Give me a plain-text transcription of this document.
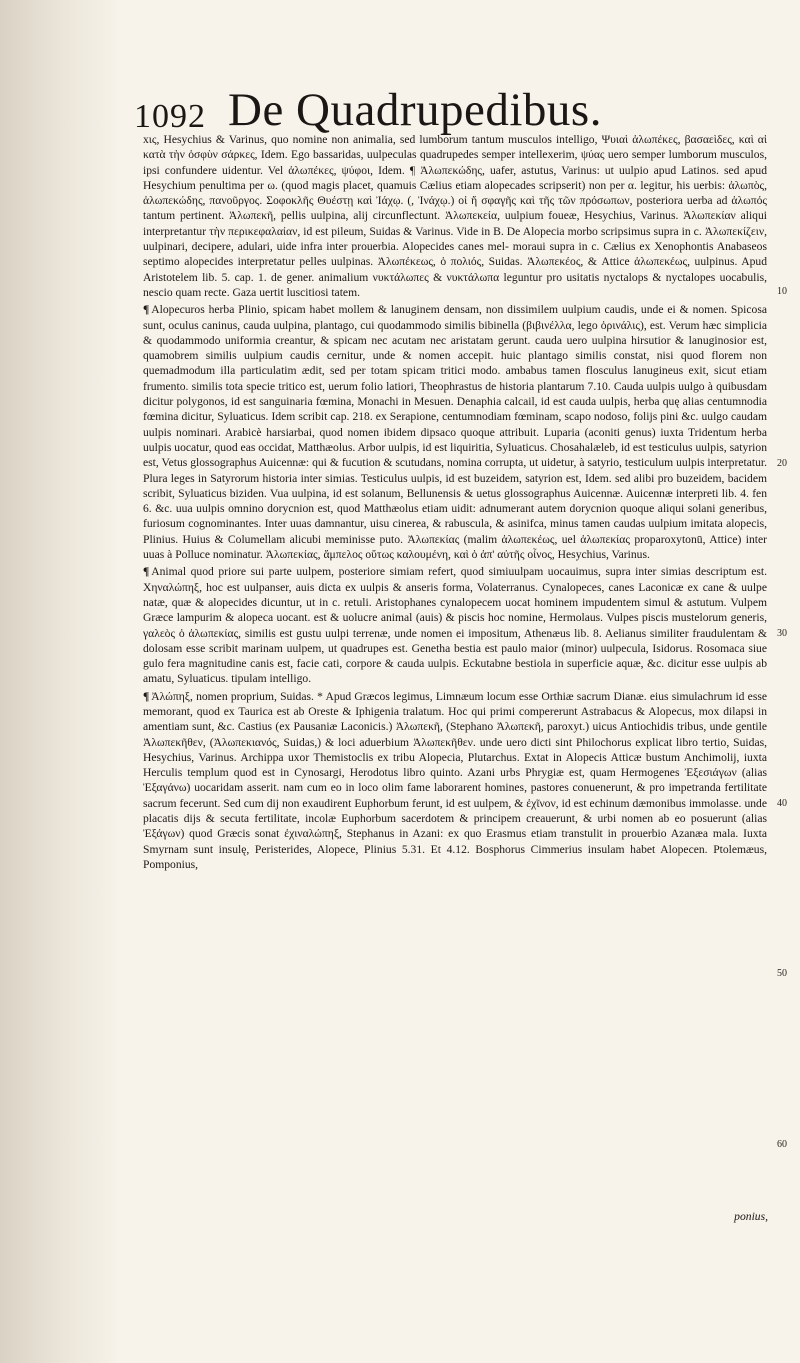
1092 De Quadrupedibus.

xις, Hesychius & Varinus, quo nomine non animalia, sed lumborum tantum musculos intelligo, Ψυιαὶ ἀλωπέκες, βασαεὶδες, καὶ αἱ κατὰ τὴν ὀσφὺν σάρκες, Idem. Ego bassaridas, uulpeculas quadrupedes semper intellexerim, ψύας uero semper lumborum musculos, ipsi confundere uidentur. Vel ἀλωπέκες, ψύφοι, Idem. ¶ Ἀλωπεκώδης, uafer, astutus, Varinus: ut uulpio apud Latinos. sed apud Hesychium penultima per ω. (quod magis placet, quamuis Cælius etiam alopecades scripserit) non per α. legitur, his uerbis: ἀλωπὸς, ἀλωπεκώδης, πανοῦργος. Σοφοκλῆς Θυέστῃ καὶ Ἰάχῳ. (, Ἰνάχῳ.) οἱ ἤ σφαγῆς καὶ τῆς τῶν πρόσωπων, posteriora uerba ad ἀλωπός tantum pertinent. Ἀλωπεκῆ, pellis uulpina, alij circunflectunt. Ἀλωπεκεία, uulpium foueæ, Hesychius, Varinus. Ἀλωπεκίαν aliqui interpretantur τὴν περικεφαλαίαν, id est pileum, Suidas & Varinus. Vide in B. De Alopecia morbo scripsimus supra in c. Ἀλωπεκίζειν, uulpinari, decipere, adulari, uide infra inter prouerbia. Alopecides canes mel- moraui supra in c. Cælius ex Xenophontis Anabaseos septimo alopecides interpretatur pelles uulpinas. Ἀλωπέκεως, ὁ πολιός, Suidas. Ἀλωπεκέος, & Attice ἀλωπεκέως, uulpinus. Apud Aristotelem lib. 5. cap. 1. de gener. animalium νυκτάλωπες & νυκτάλωπα leguntur pro usitatis nyctalops & nyctalopes uocabulis, nescio quam recte. Gaza uertit luscitiosi tatem.

¶ Alopecuros herba Plinio, spicam habet mollem & lanuginem densam, non dissimilem uulpium caudis, unde ei & nomen. Spicosa sunt, oculus caninus, cauda uulpina, plantago, cui quodammodo similis bibinella (βιβινέλλα, lego ὀρινάλις), est. Verum hæc simplicia & quodammodo uniformia creantur, & spicam nec acutam nec aristatam gerunt. cauda uero uulpina hirsutior & lanuginosior est, quamobrem similis uulpium caudis cernitur, unde & nomen accepit. huic plantago similis constat, nisi quod florem non quemadmodum illa particulatim ædit, sed per totam spicam tritici modo. ambabus tamen flosculus lanugineus exit, sicut etiam frumento. similis tota specie tritico est, uerum folio latiori, Theophrastus de historia plantarum 7.10. Cauda uulpis uulgo à quibusdam dicitur polygonos, id est sanguinaria fœmina, Monachi in Mesuen. Denaphia calcail, id est cauda uulpis, herba quę alias centumnodia fœmina dicitur, Syluaticus. Idem scribit cap. 218. ex Serapione, centumnodiam fœminam, scapo nodoso, folijs pini &c. uulgo caudam uulpis nominari. Arabicè harsiarbai, quod nomen ibidem dipsaco quoque attribuit. Luparia (aconiti genus) iuxta Tridentum herba uulpis uocatur, quod eas occidat, Matthæolus. Arbor uulpis, id est liquiritia, Syluaticus. Chosahalæleb, id est testiculus uulpis, satyrion est, Vetus glossographus Auicennæ: qui & fucution & scutudans, nomina corrupta, ut uidetur, à satyrio, testiculum uulpis interpretatur. Plura leges in Satyrorum historia inter simias. Testiculus uulpis, id est buzeidem, satyrion est, Idem. sed alibi pro buzeidem, bacidem scribit, Syluaticus biziden. Vua uulpina, id est solanum, Bellunensis & uetus glossographus Auicennæ. Auicennæ interpreti lib. 4. fen 6. &c. uua uulpis omnino dorycnion est, quod Matthæolus etiam uidit: adnumerant autem dorycnion quoque aliqui solani generibus, furiosum cognominantes. Inter uuas damnantur, uisu cinerea, & rabuscula, & asinifca, minus tamen caudas uulpium imitata alopecis, Plinius. Huius & Columellam alicubi meminisse puto. Ἀλωπεκίας (malim ἀλωπεκέως, uel ἀλωπεκίας proparoxytonū, Attice) inter uuas à Polluce nominatur. Ἀλωπεκίας, ἄμπελος οὕτως καλουμένη, καὶ ὁ ἀπ' αὐτῆς οἶνος, Hesychius, Varinus.

¶ Animal quod priore sui parte uulpem, posteriore simiam refert, quod simiuulpam uocauimus, supra inter simias descriptum est. Χηναλώπηξ, hoc est uulpanser, auis dicta ex uulpis & anseris forma, Volaterranus. Cynalopeces, canes Laconicæ ex cane & uulpe natæ, quæ & alopecides dicuntur, ut in c. retuli. Aristophanes cynalopecem uocat hominem impudentem simul & astutum. Vulpem Græce lampurim & alopeca uocant. est & uolucre animal (auis) & piscis hoc nomine, Hermolaus. Vulpes piscis mustelorum generis, γαλεὸς ὁ ἀλωπεκίας, similis est gustu uulpi terrenæ, unde nomen ei impositum, Athenæus lib. 8. Aelianus similiter fraudulentam & dolosam esse scribit marinam uulpem, ut quadrupes est. Genetha bestia est paulo maior (minor) uulpecula, Isidorus. Rosomaca siue gulo fera magnitudine canis est, facie cati, corpore & cauda uulpis. Eckutabne bestiola in superficie aquæ, &c. dicitur esse uulpis ab amatu, Syluaticus. tipulam intelligo.

¶ Ἀλώπηξ, nomen proprium, Suidas. * Apud Græcos legimus, Limnæum locum esse Orthiæ sacrum Dianæ. eius simulachrum id esse memorant, quod ex Taurica est ab Oreste & Iphigenia tralatum. Hoc qui primi compererunt Astrabacus & Alopecus, mox dilapsi in amentiam sunt, &c. Castius (ex Pausaniæ Laconicis.) Ἀλωπεκῆ, (Stephano Ἀλωπεκῆ, paroxyt.) uicus Antiochidis tribus, unde gentile Ἀλωπεκῆθεν, (Ἀλωπεκιανός, Suidas,) & loci aduerbium Ἀλωπεκῆθεν. unde uero dicti sint Philochorus explicat libro tertio, Suidas, Hesychius, Varinus. Archippa uxor Themistoclis ex tribu Alopecia, Plutarchus. Extat in Alopecis Atticæ bustum Anchimolij, iuxta Herculis templum quod est in Cynosargi, Herodotus libro quinto. Azani urbs Phrygiæ est, quam Hermogenes Ἐξεσιάγων (alias Ἐξαγάνω) uocaridam asserit. nam cum eo in loco olim fame laborarent homines, pastores conuenerunt, & pro impetranda fertilitate sacrum fecerunt. Sed cum dij non exaudirent Euphorbum ferunt, id est uulpem, & ἐχῖνον, id est echinum dæmonibus immolasse. unde placatis dijs & secuta fertilitate, incolæ Euphorbum sacerdotem & principem creauerunt, & urbi nomen ab eo posuerunt (alias Ἐξάγων) quod Græcis sonat ἐχιναλώπηξ, Stephanus in Azani: ex quo Erasmus etiam transtulit in prouerbio Azanæa mala. Iuxta Smyrnam sunt insulę, Peristerides, Alopece, Plinius 5.31. Et 4.12. Bosphorus Cimmerius insulam habet Alopecen. Ptolemæus, Pomponius,

10
20
30
40
50
60
ponius,
